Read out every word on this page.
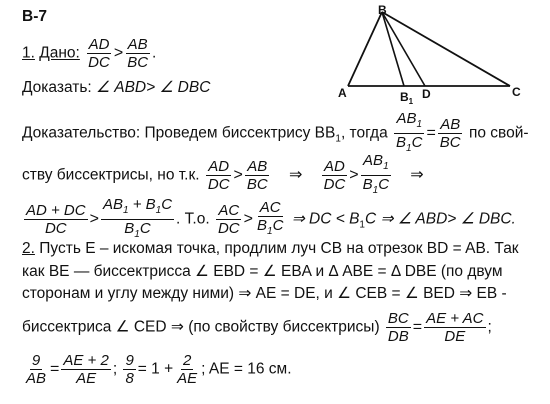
В-7
A
B
$B_1$
D	C
1. Дано: $\frac{AD}{DC} > \frac{AB}{BC}$ .
Доказать: ∠ ABD> ∠ DBC
Доказательство: Проведем биссектрису $BB_1$, тогда $\frac{AB_1}{B_1C} = \frac{AB}{BC}$ по свой-
ству биссектрисы, но т.к. $\frac{AD}{DC} > \frac{AB}{BC}$ ⇒ $\frac{AD}{DC} > \frac{AB_1}{B_1C}$ ⇒
$\frac{AD + DC}{DC} > \frac{AB_1 + B_1C}{B_1C}$ . Т.о. $\frac{AC}{DC} > \frac{AC}{B_1C}$ ⇒ DC < $B_1C$ ⇒ ∠ ABD> ∠ DBC.
2. Пусть E – искомая точка, продлим луч CB на отрезок BD = AB. Так
как BE — биссектрисса ∠ EBD = ∠ EBA и Δ ABE = Δ DBE (по двум
сторонам и углу между ними) ⇒ AE = DE, и ∠ CEB = ∠ BED ⇒ EB -
биссектриса ∠ CED ⇒ (по свойству биссектрисы) $\frac{BC}{DB} = \frac{AE + AC}{DE}$ ;
$\frac{9}{AB} = \frac{AE + 2}{AE}$ ; $\frac{9}{8} = 1 + \frac{2}{AE}$ ; AE = 16 см.
